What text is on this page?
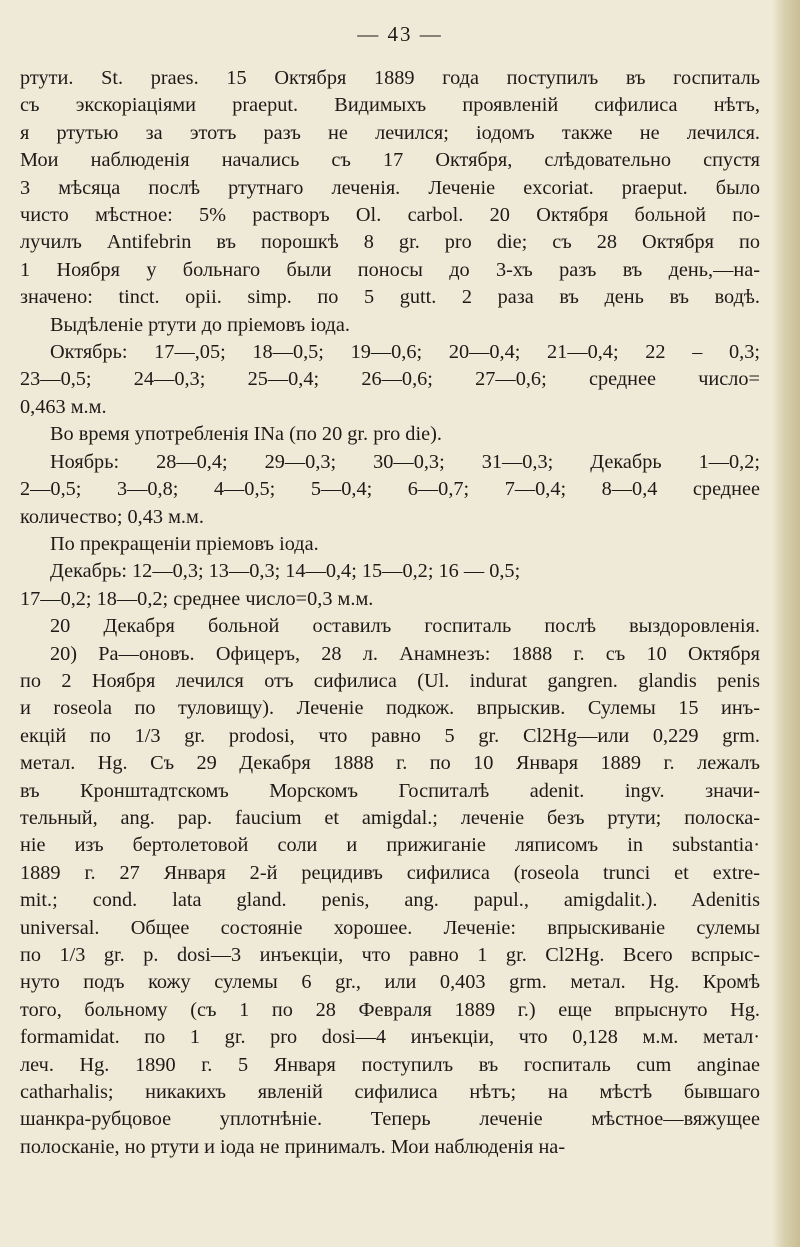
— 43 —
ртути. St. praes. 15 Октября 1889 года поступилъ въ госпиталь
съ экскоріаціями praeput. Видимыхъ проявленій сифилиса нѣтъ,
я ртутью за этотъ разъ не лечился; іодомъ также не лечился.
Мои наблюденія начались съ 17 Октября, слѣдовательно спустя
3 мѣсяца послѣ ртутнаго леченія. Леченіе excoriat. praeput. было
чисто мѣстное: 5% растворъ Ol. carbol. 20 Октября больной по-
лучилъ Antifebrin въ порошкѣ 8 gr. pro die; съ 28 Октября по
1 Ноября у больнаго были поносы до 3-хъ разъ въ день,—на-
значено: tinct. opii. simp. по 5 gutt. 2 раза въ день въ водѣ.
Выдѣленіе ртути до пріемовъ іода.
Октябрь: 17—,05; 18—0,5; 19—0,6; 20—0,4; 21—0,4; 22 – 0,3;
23—0,5; 24—0,3; 25—0,4; 26—0,6; 27—0,6; среднее число=
0,463 м.м.
Во время употребленія INa (по 20 gr. pro die).
Ноябрь: 28—0,4; 29—0,3; 30—0,3; 31—0,3; Декабрь 1—0,2;
2—0,5; 3—0,8; 4—0,5; 5—0,4; 6—0,7; 7—0,4; 8—0,4 среднее
количество; 0,43 м.м.
По прекращеніи пріемовъ іода.
Декабрь: 12—0,3; 13—0,3; 14—0,4; 15—0,2; 16 — 0,5;
17—0,2; 18—0,2; среднее число=0,3 м.м.
20 Декабря больной оставилъ госпиталь послѣ выздоровленія.
20) Ра—оновъ. Офицеръ, 28 л. Анамнезъ: 1888 г. съ 10 Октября
по 2 Ноября лечился отъ сифилиса (Ul. indurat gangren. glandis penis
и roseola по туловищу). Леченіе подкож. впрыскив. Сулемы 15 инъ-
екцій по 1/3 gr. prodosi, что равно 5 gr. Cl2Hg—или 0,229 grm.
метал. Hg. Съ 29 Декабря 1888 г. по 10 Января 1889 г. лежалъ
въ Кронштадтскомъ Морскомъ Госпиталѣ adenit. ingv. значи-
тельный, ang. pap. faucium et amigdal.; леченіе безъ ртути; полоска-
ніе изъ бертолетовой соли и прижиганіе ляписомъ in substantia·
1889 г. 27 Января 2-й рецидивъ сифилиса (roseola trunci et extre-
mit.; cond. lata gland. penis, ang. papul., amigdalit.). Adenitis
universal. Общее состояніе хорошее. Леченіе: впрыскиваніе сулемы
по 1/3 gr. p. dosi—3 инъекціи, что равно 1 gr. Cl2Hg. Всего вспрыс-
нуто подъ кожу сулемы 6 gr., или 0,403 grm. метал. Hg. Кромѣ
того, больному (съ 1 по 28 Февраля 1889 г.) еще впрыснуто Hg.
formamidat. по 1 gr. pro dosi—4 инъекціи, что 0,128 м.м. метал·
леч. Hg. 1890 г. 5 Января поступилъ въ госпиталь cum anginae
catharhalis; никакихъ явленій сифилиса нѣтъ; на мѣстѣ бывшаго
шанкра-рубцовое уплотнѣніе. Теперь леченіе мѣстное—вяжущее
полосканіе, но ртути и іода не принималъ. Мои наблюденія на-
